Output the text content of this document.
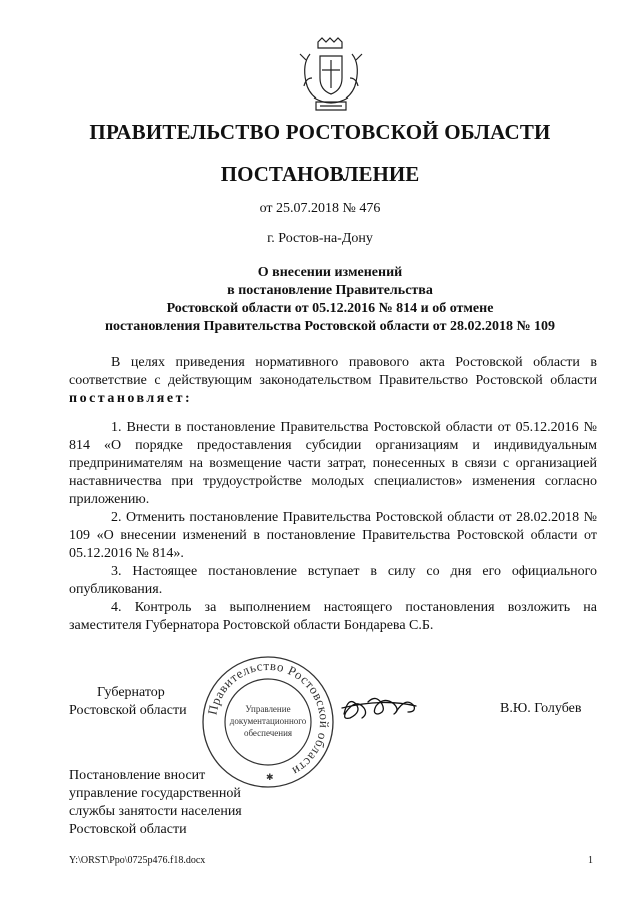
ПРАВИТЕЛЬСТВО РОСТОВСКОЙ ОБЛАСТИ
ПОСТАНОВЛЕНИЕ
от 25.07.2018 № 476
г. Ростов-на-Дону
О внесении изменений
в постановление Правительства
Ростовской области от 05.12.2016 № 814 и об отмене
постановления Правительства Ростовской области от 28.02.2018 № 109

В целях приведения нормативного правового акта Ростовской области в соответствие с действующим законодательством Правительство Ростовской области постановляет:

1. Внести в постановление Правительства Ростовской области от 05.12.2016 № 814 «О порядке предоставления субсидии организациям и индивидуальным предпринимателям на возмещение части затрат, понесенных в связи с организацией наставничества при трудоустройстве молодых специалистов» изменения согласно приложению.

2. Отменить постановление Правительства Ростовской области от 28.02.2018 № 109 «О внесении изменений в постановление Правительства Ростовской области от 05.12.2016 № 814».

3. Настоящее постановление вступает в силу со дня его официального опубликования.

4. Контроль за выполнением настоящего постановления возложить на заместителя Губернатора Ростовской области Бондарева С.Б.

Губернатор
Ростовской области Правительство Ростовской области
Управление
документационного
обеспечения
✱
В.Ю. Голубев
Постановление вносит
управление государственной
службы занятости населения
Ростовской области
Y:\ORST\Ppo\0725p476.f18.docx	1
